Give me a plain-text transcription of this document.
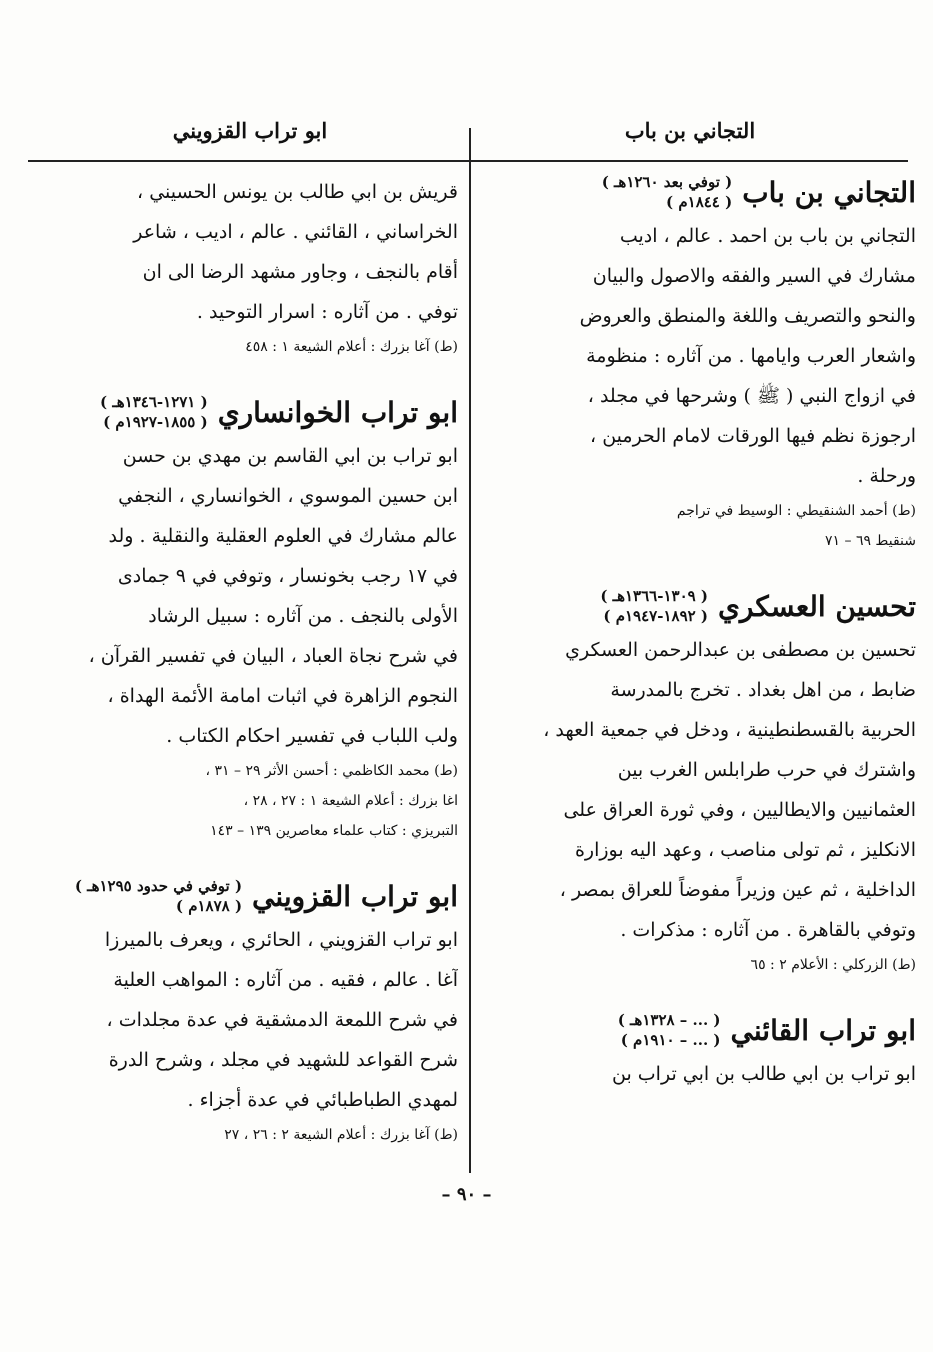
التجاني بن باب
ابو تراب القزويني
التجاني بن باب
( توفي بعد ١٢٦٠هـ )
( ١٨٤٤م )
التجاني بن باب بن احمد . عالم ، اديب
مشارك في السير والفقه والاصول والبيان
والنحو والتصريف واللغة والمنطق والعروض
واشعار العرب وايامها . من آثاره : منظومة
في ازواج النبي ( ﷺ ) وشرحها في مجلد ،
ارجوزة نظم فيها الورقات لامام الحرمين ،
ورحلة .
(ط) أحمد الشنقيطي : الوسيط في تراجم
شنقيط ٦٩ – ٧١
تحسين العسكري
( ١٣٠٩-١٣٦٦هـ )
( ١٨٩٢-١٩٤٧م )
تحسين بن مصطفى بن عبدالرحمن العسكري
ضابط ، من اهل بغداد . تخرج بالمدرسة
الحربية بالقسطنطينية ، ودخل في جمعية العهد ،
واشترك في حرب طرابلس الغرب بين
العثمانيين والايطاليين ، وفي ثورة العراق على
الانكليز ، ثم تولى مناصب ، وعهد اليه بوزارة
الداخلية ، ثم عين وزيراً مفوضاً للعراق بمصر ،
وتوفي بالقاهرة . من آثاره : مذكرات .
(ط) الزركلي : الأعلام ٢ : ٦٥
ابو تراب القائني
( ... – ١٣٢٨هـ )
( ... – ١٩١٠م )
ابو تراب بن ابي طالب بن ابي تراب بن
قريش بن ابي طالب بن يونس الحسيني ،
الخراساني ، القائني . عالم ، اديب ، شاعر
أقام بالنجف ، وجاور مشهد الرضا الى ان
توفي . من آثاره : اسرار التوحيد .
(ط) آغا بزرك : أعلام الشيعة ١ : ٤٥٨
ابو تراب الخوانساري
( ١٢٧١-١٣٤٦هـ )
( ١٨٥٥-١٩٢٧م )
ابو تراب بن ابي القاسم بن مهدي بن حسن
ابن حسين الموسوي ، الخوانساري ، النجفي
عالم مشارك في العلوم العقلية والنقلية . ولد
في ١٧ رجب بخونسار ، وتوفي في ٩ جمادى
الأولى بالنجف . من آثاره : سبيل الرشاد
في شرح نجاة العباد ، البيان في تفسير القرآن ،
النجوم الزاهرة في اثبات امامة الأئمة الهداة ،
ولب اللباب في تفسير احكام الكتاب .
(ط) محمد الكاظمي : أحسن الأثر ٢٩ – ٣١ ،
اغا بزرك : أعلام الشيعة ١ : ٢٧ ، ٢٨ ،
التبريزي : كتاب علماء معاصرين ١٣٩ – ١٤٣
ابو تراب القزويني
( توفي في حدود ١٢٩٥هـ )
( ١٨٧٨م )
ابو تراب القزويني ، الحائري ، ويعرف بالميرزا
آغا . عالم ، فقيه . من آثاره : المواهب العلية
في شرح اللمعة الدمشقية في عدة مجلدات ،
شرح القواعد للشهيد في مجلد ، وشرح الدرة
لمهدي الطباطبائي في عدة أجزاء .
(ط) آغا بزرك : أعلام الشيعة ٢ : ٢٦ ، ٢٧
– ٩٠ –
